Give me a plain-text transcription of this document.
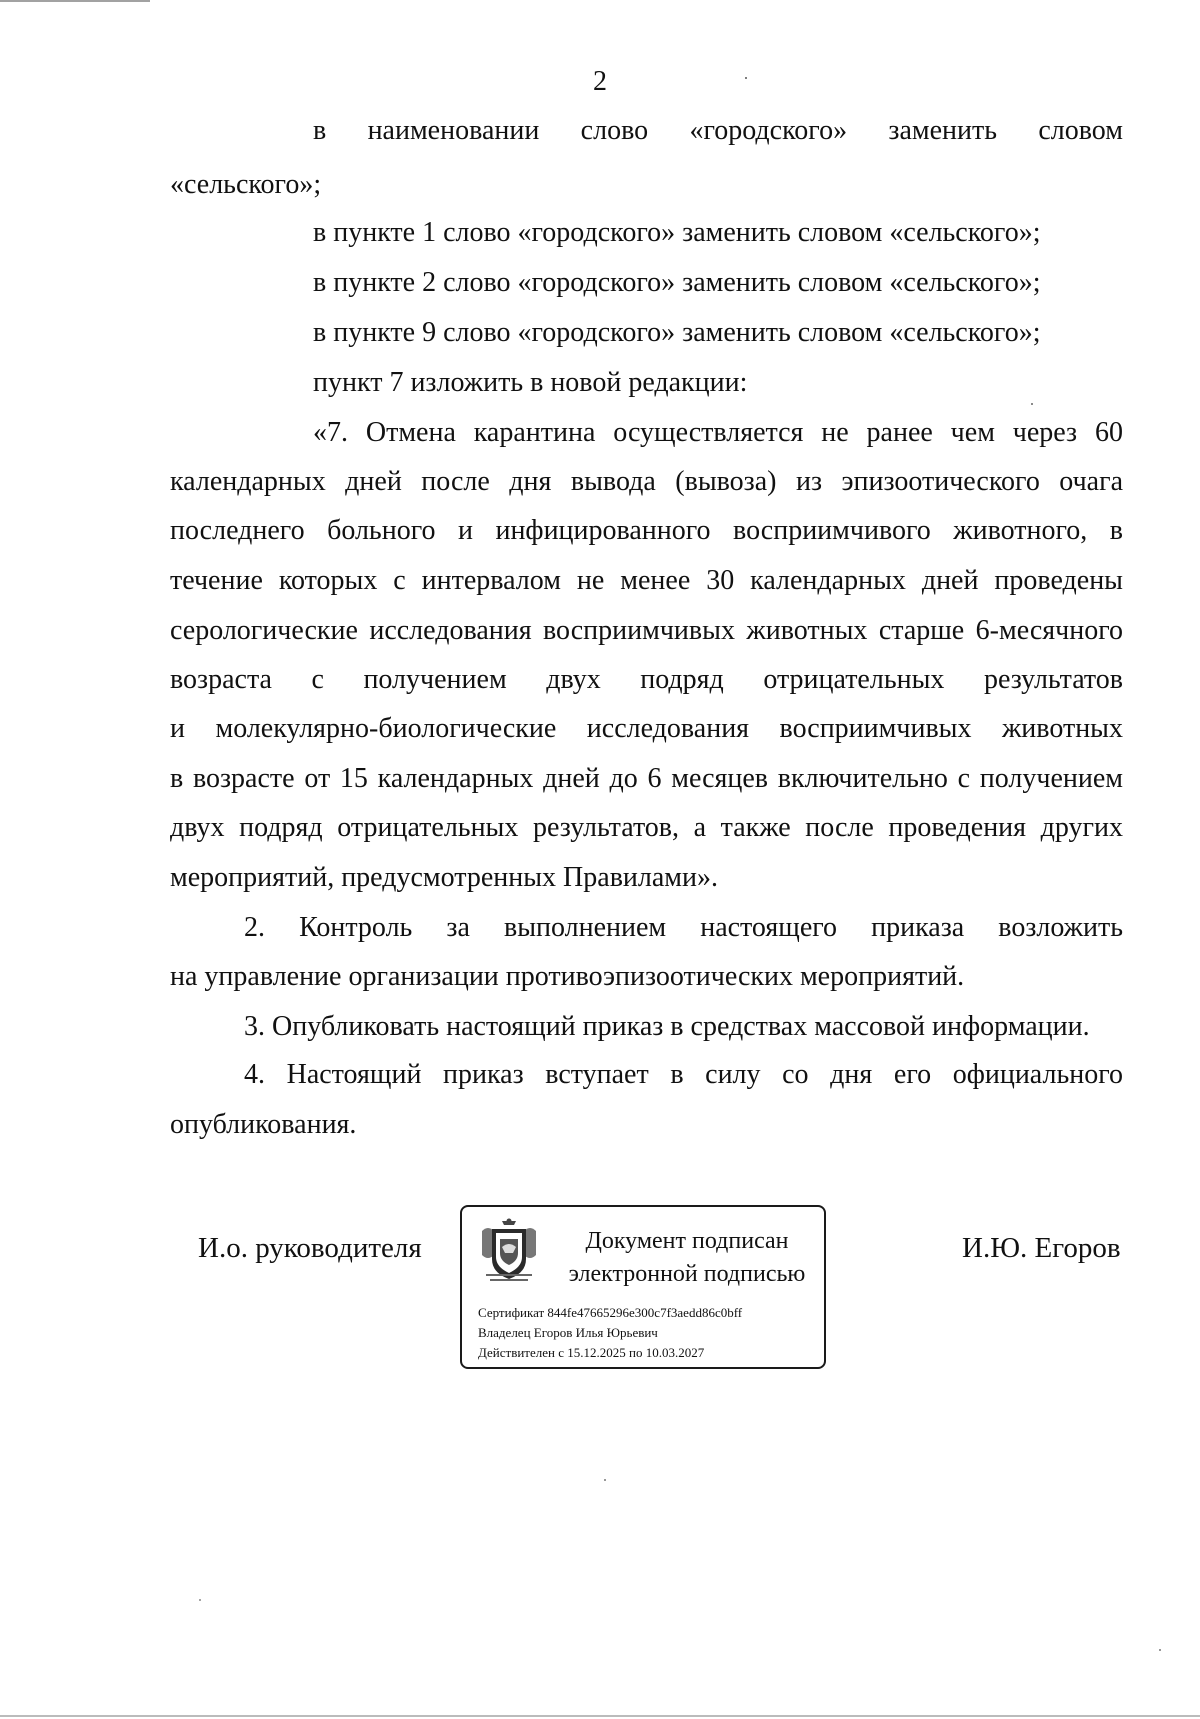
2
в наименовании слово «городского» заменить словом
«сельского»;
в пункте 1 слово «городского» заменить словом «сельского»;
в пункте 2 слово «городского» заменить словом «сельского»;
в пункте 9 слово «городского» заменить словом «сельского»;
пункт 7 изложить в новой редакции:
«7. Отмена карантина осуществляется не ранее чем через 60
календарных дней после дня вывода (вывоза) из эпизоотического очага
последнего больного и инфицированного восприимчивого животного, в
течение которых с интервалом не менее 30 календарных дней проведены
серологические исследования восприимчивых животных старше 6-месячного
возраста с получением двух подряд отрицательных результатов
и молекулярно-биологические исследования восприимчивых животных
в возрасте от 15 календарных дней до 6 месяцев включительно с получением
двух подряд отрицательных результатов, а также после проведения других
мероприятий, предусмотренных Правилами».
2. Контроль за выполнением настоящего приказа возложить
на управление организации противоэпизоотических мероприятий.
3. Опубликовать настоящий приказ в средствах массовой информации.
4. Настоящий приказ вступает в силу со дня его официального
опубликования.
И.о. руководителя	Документ подписан
электронной подписью
Сертификат 844fe47665296e300c7f3aedd86c0bff
Владелец Егоров Илья Юрьевич
Действителен с 15.12.2025 по 10.03.2027
И.Ю. Егоров
